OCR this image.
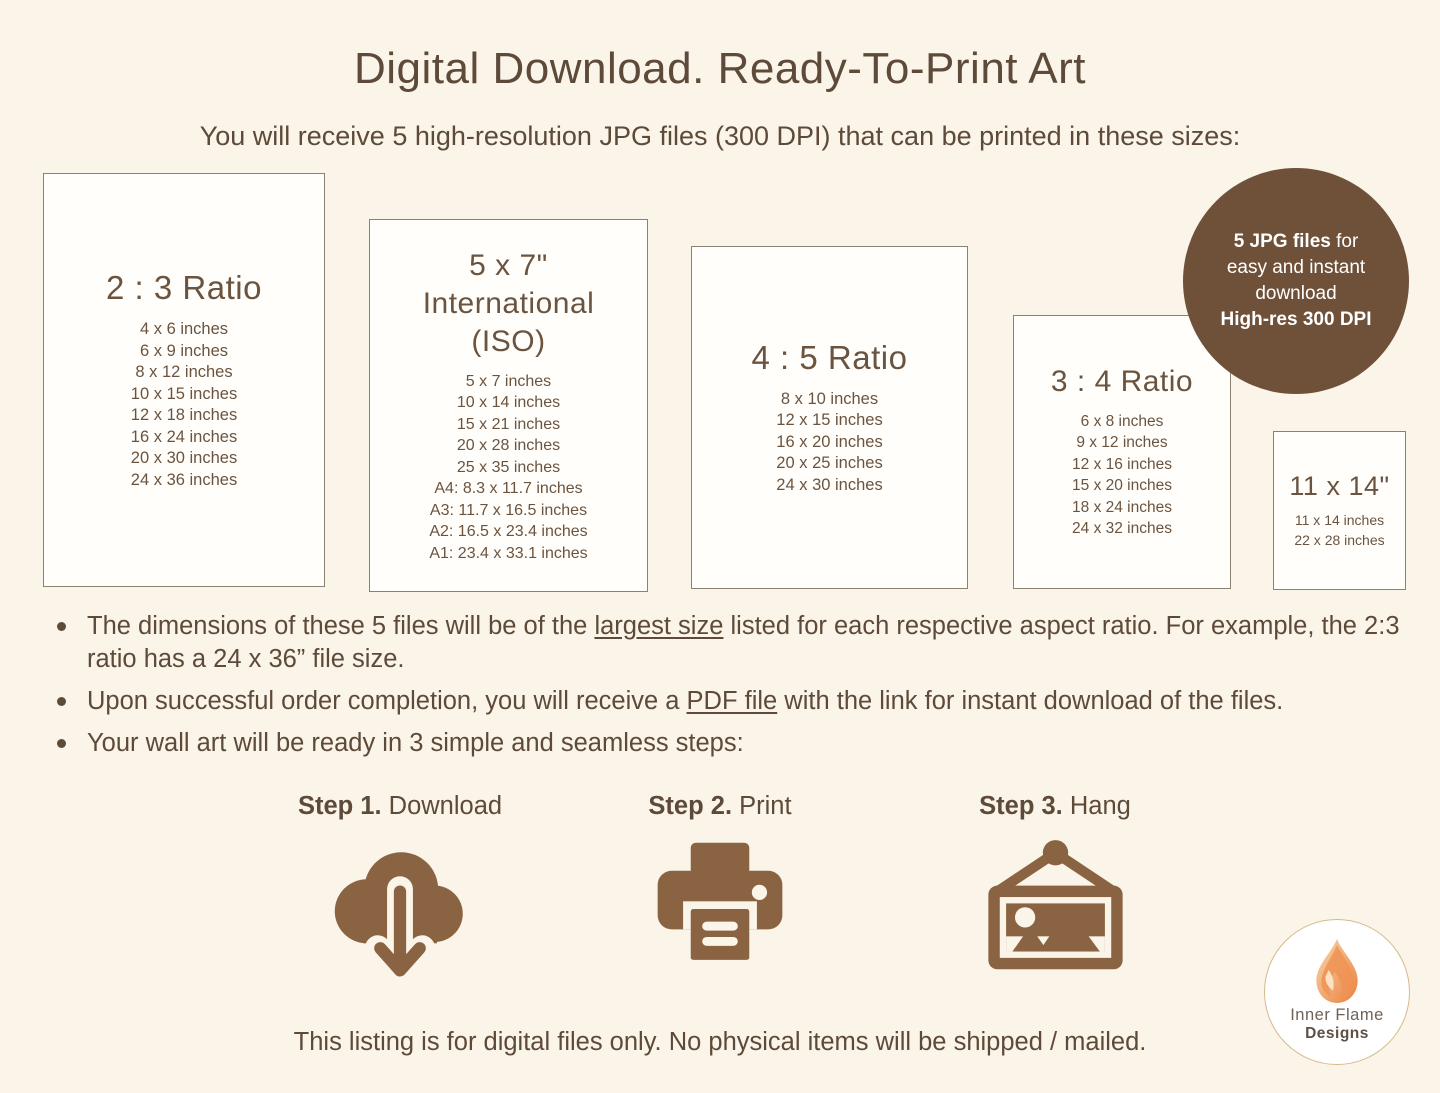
Digital Download. Ready-To-Print Art
You will receive 5 high-resolution JPG files (300 DPI) that can be printed in these sizes:
2 : 3 Ratio
4 x 6 inches
6 x 9 inches
8 x 12 inches
10 x 15 inches
12 x 18 inches
16 x 24 inches
20 x 30 inches
24 x 36 inches
5 x 7"
International
(ISO)
5 x 7 inches
10 x 14 inches
15 x 21 inches
20 x 28 inches
25 x 35 inches
A4: 8.3 x 11.7 inches
A3: 11.7 x 16.5 inches
A2: 16.5 x 23.4 inches
A1: 23.4 x 33.1 inches
4 : 5 Ratio
8 x 10 inches
12 x 15 inches
16 x 20 inches
20 x 25 inches
24 x 30 inches
3 : 4 Ratio
6 x 8 inches
9 x 12 inches
12 x 16 inches
15 x 20 inches
18 x 24 inches
24 x 32 inches
11 x 14"
11 x 14 inches
22 x 28 inches
5 JPG files for
easy and instant
download
High-res 300 DPI
The dimensions of these 5 files will be of the largest size listed for each respective aspect ratio. For example, the 2:3 ratio has a 24 x 36” file size.
Upon successful order completion, you will receive a PDF file with the link for instant download of the files.
Your wall art will be ready in 3 simple and seamless steps:
Step 1. Download	Step 2. Print	Step 3. Hang
This listing is for digital files only. No physical items will be shipped / mailed.
Inner Flame
Designs
